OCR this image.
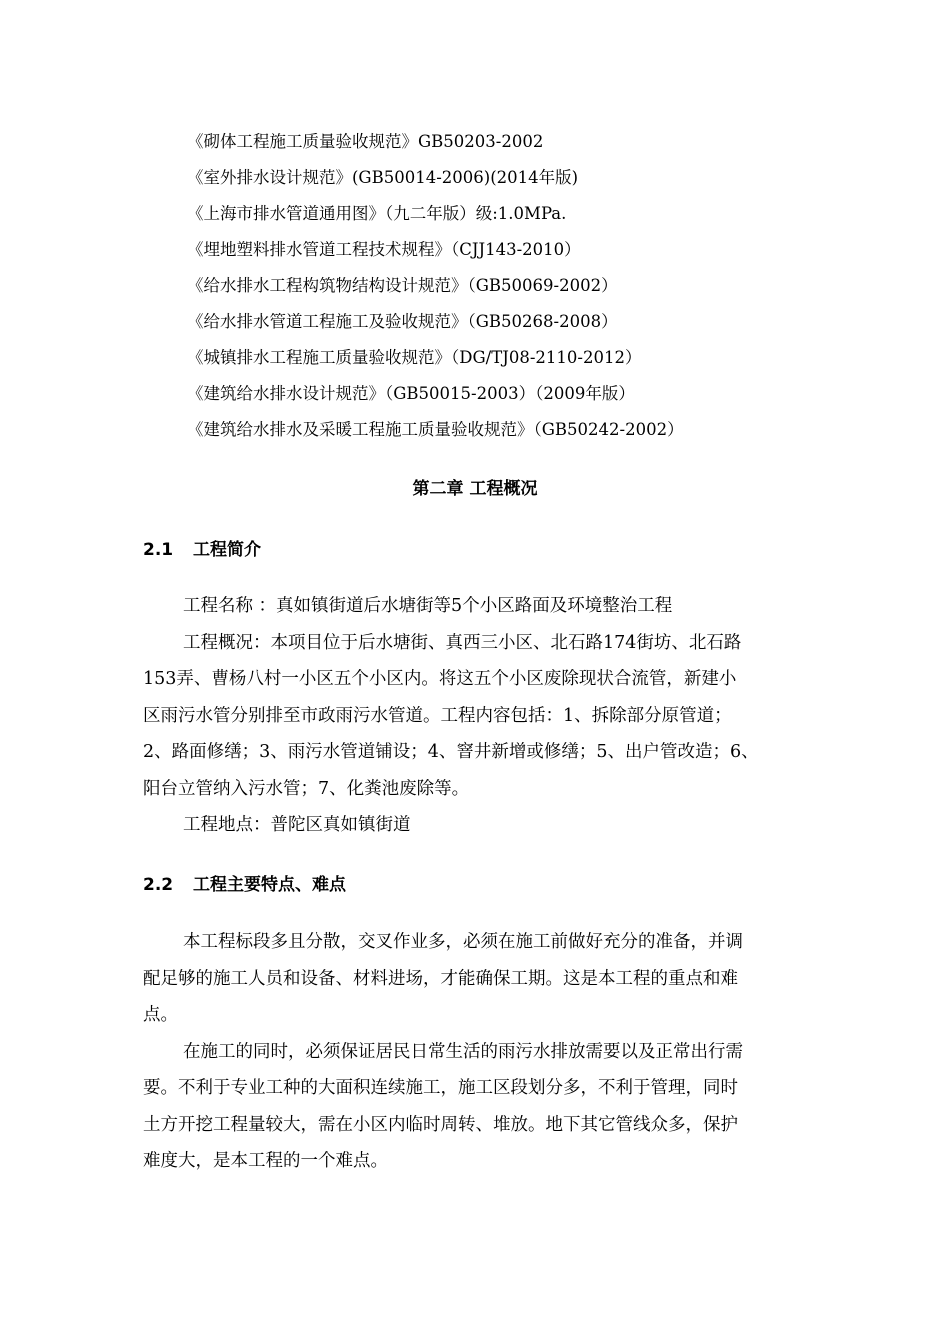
《砌体工程施工质量验收规范》GB50203-2002
《室外排水设计规范》(GB50014-2006)(2014年版)
《上海市排水管道通用图》（九二年版）级:1.0MPa.
《埋地塑料排水管道工程技术规程》（CJJ143-2010）
《给水排水工程构筑物结构设计规范》（GB50069-2002）
《给水排水管道工程施工及验收规范》（GB50268-2008）
《城镇排水工程施工质量验收规范》（DG/TJ08-2110-2012）
《建筑给水排水设计规范》（GB50015-2003）（2009年版）
《建筑给水排水及采暖工程施工质量验收规范》（GB50242-2002）
第二章 工程概况
2.1 工程简介
工程名称 ：真如镇街道后水塘街等5个小区路面及环境整治工程
工程概况：本项目位于后水塘街、真西三小区、北石路174街坊、北石路
153弄、曹杨八村一小区五个小区内。将这五个小区废除现状合流管，新建小
区雨污水管分别排至市政雨污水管道。工程内容包括：1、拆除部分原管道；
2、路面修缮；3、雨污水管道铺设；4、窨井新增或修缮；5、出户管改造；6、
阳台立管纳入污水管；7、化粪池废除等。
工程地点：普陀区真如镇街道
2.2 工程主要特点、难点
本工程标段多且分散，交叉作业多，必须在施工前做好充分的准备，并调
配足够的施工人员和设备、材料进场，才能确保工期。这是本工程的重点和难
点。
在施工的同时，必须保证居民日常生活的雨污水排放需要以及正常出行需
要。不利于专业工种的大面积连续施工，施工区段划分多，不利于管理，同时
土方开挖工程量较大，需在小区内临时周转、堆放。地下其它管线众多，保护
难度大，是本工程的一个难点。
